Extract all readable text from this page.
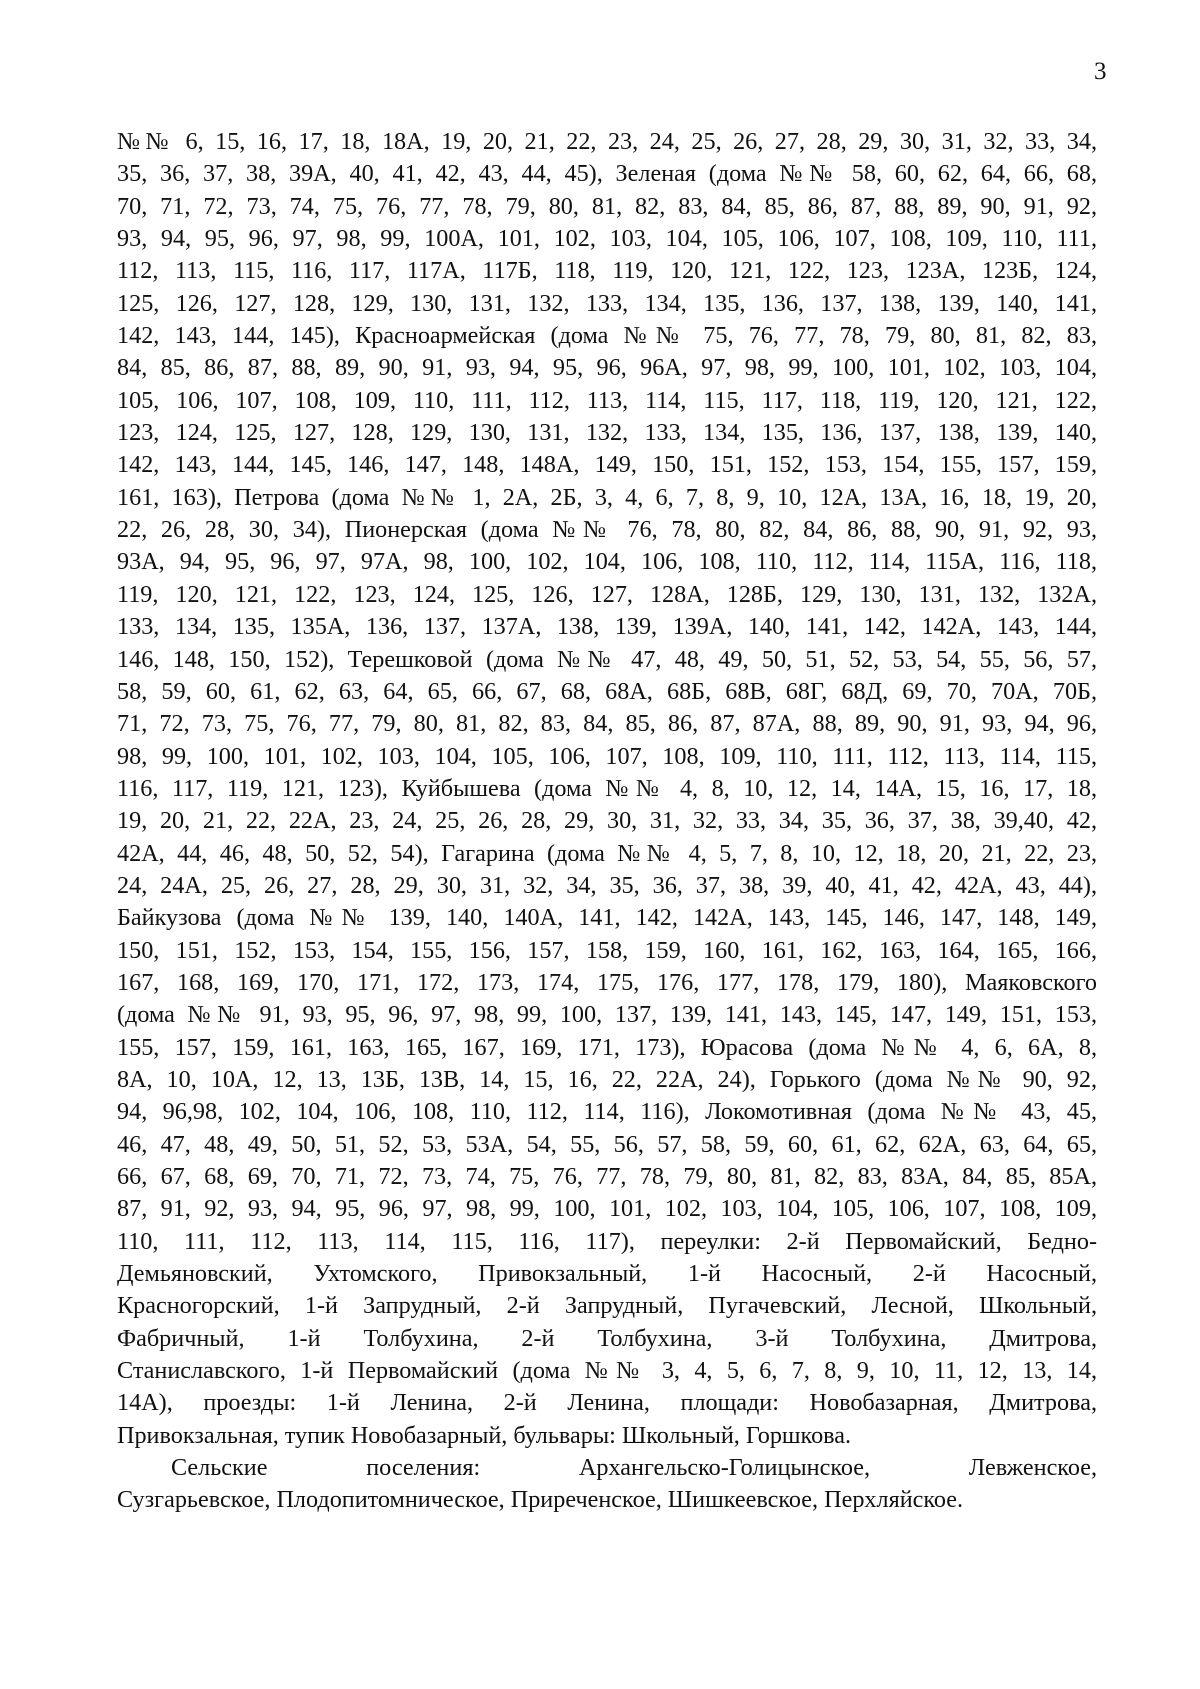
3
№№ 6, 15, 16, 17, 18, 18А, 19, 20, 21, 22, 23, 24, 25, 26, 27, 28, 29, 30, 31, 32, 33, 34,
35, 36, 37, 38, 39А, 40, 41, 42, 43, 44, 45), Зеленая (дома №№ 58, 60, 62, 64, 66, 68,
70, 71, 72, 73, 74, 75, 76, 77, 78, 79, 80, 81, 82, 83, 84, 85, 86, 87, 88, 89, 90, 91, 92,
93, 94, 95, 96, 97, 98, 99, 100А, 101, 102, 103, 104, 105, 106, 107, 108, 109, 110, 111,
112, 113, 115, 116, 117, 117А, 117Б, 118, 119, 120, 121, 122, 123, 123А, 123Б, 124,
125, 126, 127, 128, 129, 130, 131, 132, 133, 134, 135, 136, 137, 138, 139, 140, 141,
142, 143, 144, 145), Красноармейская (дома №№ 75, 76, 77, 78, 79, 80, 81, 82, 83,
84, 85, 86, 87, 88, 89, 90, 91, 93, 94, 95, 96, 96А, 97, 98, 99, 100, 101, 102, 103, 104,
105, 106, 107, 108, 109, 110, 111, 112, 113, 114, 115, 117, 118, 119, 120, 121, 122,
123, 124, 125, 127, 128, 129, 130, 131, 132, 133, 134, 135, 136, 137, 138, 139, 140,
142, 143, 144, 145, 146, 147, 148, 148А, 149, 150, 151, 152, 153, 154, 155, 157, 159,
161, 163), Петрова (дома №№ 1, 2А, 2Б, 3, 4, 6, 7, 8, 9, 10, 12А, 13А, 16, 18, 19, 20,
22, 26, 28, 30, 34), Пионерская (дома №№ 76, 78, 80, 82, 84, 86, 88, 90, 91, 92, 93,
93А, 94, 95, 96, 97, 97А, 98, 100, 102, 104, 106, 108, 110, 112, 114, 115А, 116, 118,
119, 120, 121, 122, 123, 124, 125, 126, 127, 128А, 128Б, 129, 130, 131, 132, 132А,
133, 134, 135, 135А, 136, 137, 137А, 138, 139, 139А, 140, 141, 142, 142А, 143, 144,
146, 148, 150, 152), Терешковой (дома №№ 47, 48, 49, 50, 51, 52, 53, 54, 55, 56, 57,
58, 59, 60, 61, 62, 63, 64, 65, 66, 67, 68, 68А, 68Б, 68В, 68Г, 68Д, 69, 70, 70А, 70Б,
71, 72, 73, 75, 76, 77, 79, 80, 81, 82, 83, 84, 85, 86, 87, 87А, 88, 89, 90, 91, 93, 94, 96,
98, 99, 100, 101, 102, 103, 104, 105, 106, 107, 108, 109, 110, 111, 112, 113, 114, 115,
116, 117, 119, 121, 123), Куйбышева (дома №№ 4, 8, 10, 12, 14, 14А, 15, 16, 17, 18,
19, 20, 21, 22, 22А, 23, 24, 25, 26, 28, 29, 30, 31, 32, 33, 34, 35, 36, 37, 38, 39,40, 42,
42А, 44, 46, 48, 50, 52, 54), Гагарина (дома №№ 4, 5, 7, 8, 10, 12, 18, 20, 21, 22, 23,
24, 24А, 25, 26, 27, 28, 29, 30, 31, 32, 34, 35, 36, 37, 38, 39, 40, 41, 42, 42А, 43, 44),
Байкузова (дома №№ 139, 140, 140А, 141, 142, 142А, 143, 145, 146, 147, 148, 149,
150, 151, 152, 153, 154, 155, 156, 157, 158, 159, 160, 161, 162, 163, 164, 165, 166,
167, 168, 169, 170, 171, 172, 173, 174, 175, 176, 177, 178, 179, 180), Маяковского
(дома №№ 91, 93, 95, 96, 97, 98, 99, 100, 137, 139, 141, 143, 145, 147, 149, 151, 153,
155, 157, 159, 161, 163, 165, 167, 169, 171, 173), Юрасова (дома №№ 4, 6, 6А, 8,
8А, 10, 10А, 12, 13, 13Б, 13В, 14, 15, 16, 22, 22А, 24), Горького (дома №№ 90, 92,
94, 96,98, 102, 104, 106, 108, 110, 112, 114, 116), Локомотивная (дома №№ 43, 45,
46, 47, 48, 49, 50, 51, 52, 53, 53А, 54, 55, 56, 57, 58, 59, 60, 61, 62, 62А, 63, 64, 65,
66, 67, 68, 69, 70, 71, 72, 73, 74, 75, 76, 77, 78, 79, 80, 81, 82, 83, 83А, 84, 85, 85А,
87, 91, 92, 93, 94, 95, 96, 97, 98, 99, 100, 101, 102, 103, 104, 105, 106, 107, 108, 109,
110, 111, 112, 113, 114, 115, 116, 117), переулки: 2-й Первомайский, Бедно-
Демьяновский, Ухтомского, Привокзальный, 1-й Насосный, 2-й Насосный,
Красногорский, 1-й Запрудный, 2-й Запрудный, Пугачевский, Лесной, Школьный,
Фабричный, 1-й Толбухина, 2-й Толбухина, 3-й Толбухина, Дмитрова,
Станиславского, 1-й Первомайский (дома №№ 3, 4, 5, 6, 7, 8, 9, 10, 11, 12, 13, 14,
14А), проезды: 1-й Ленина, 2-й Ленина, площади: Новобазарная, Дмитрова,
Привокзальная, тупик Новобазарный, бульвары: Школьный, Горшкова.
Сельские поселения: Архангельско-Голицынское, Левженское,
Сузгарьевское, Плодопитомническое, Приреченское, Шишкеевское, Перхляйское.
